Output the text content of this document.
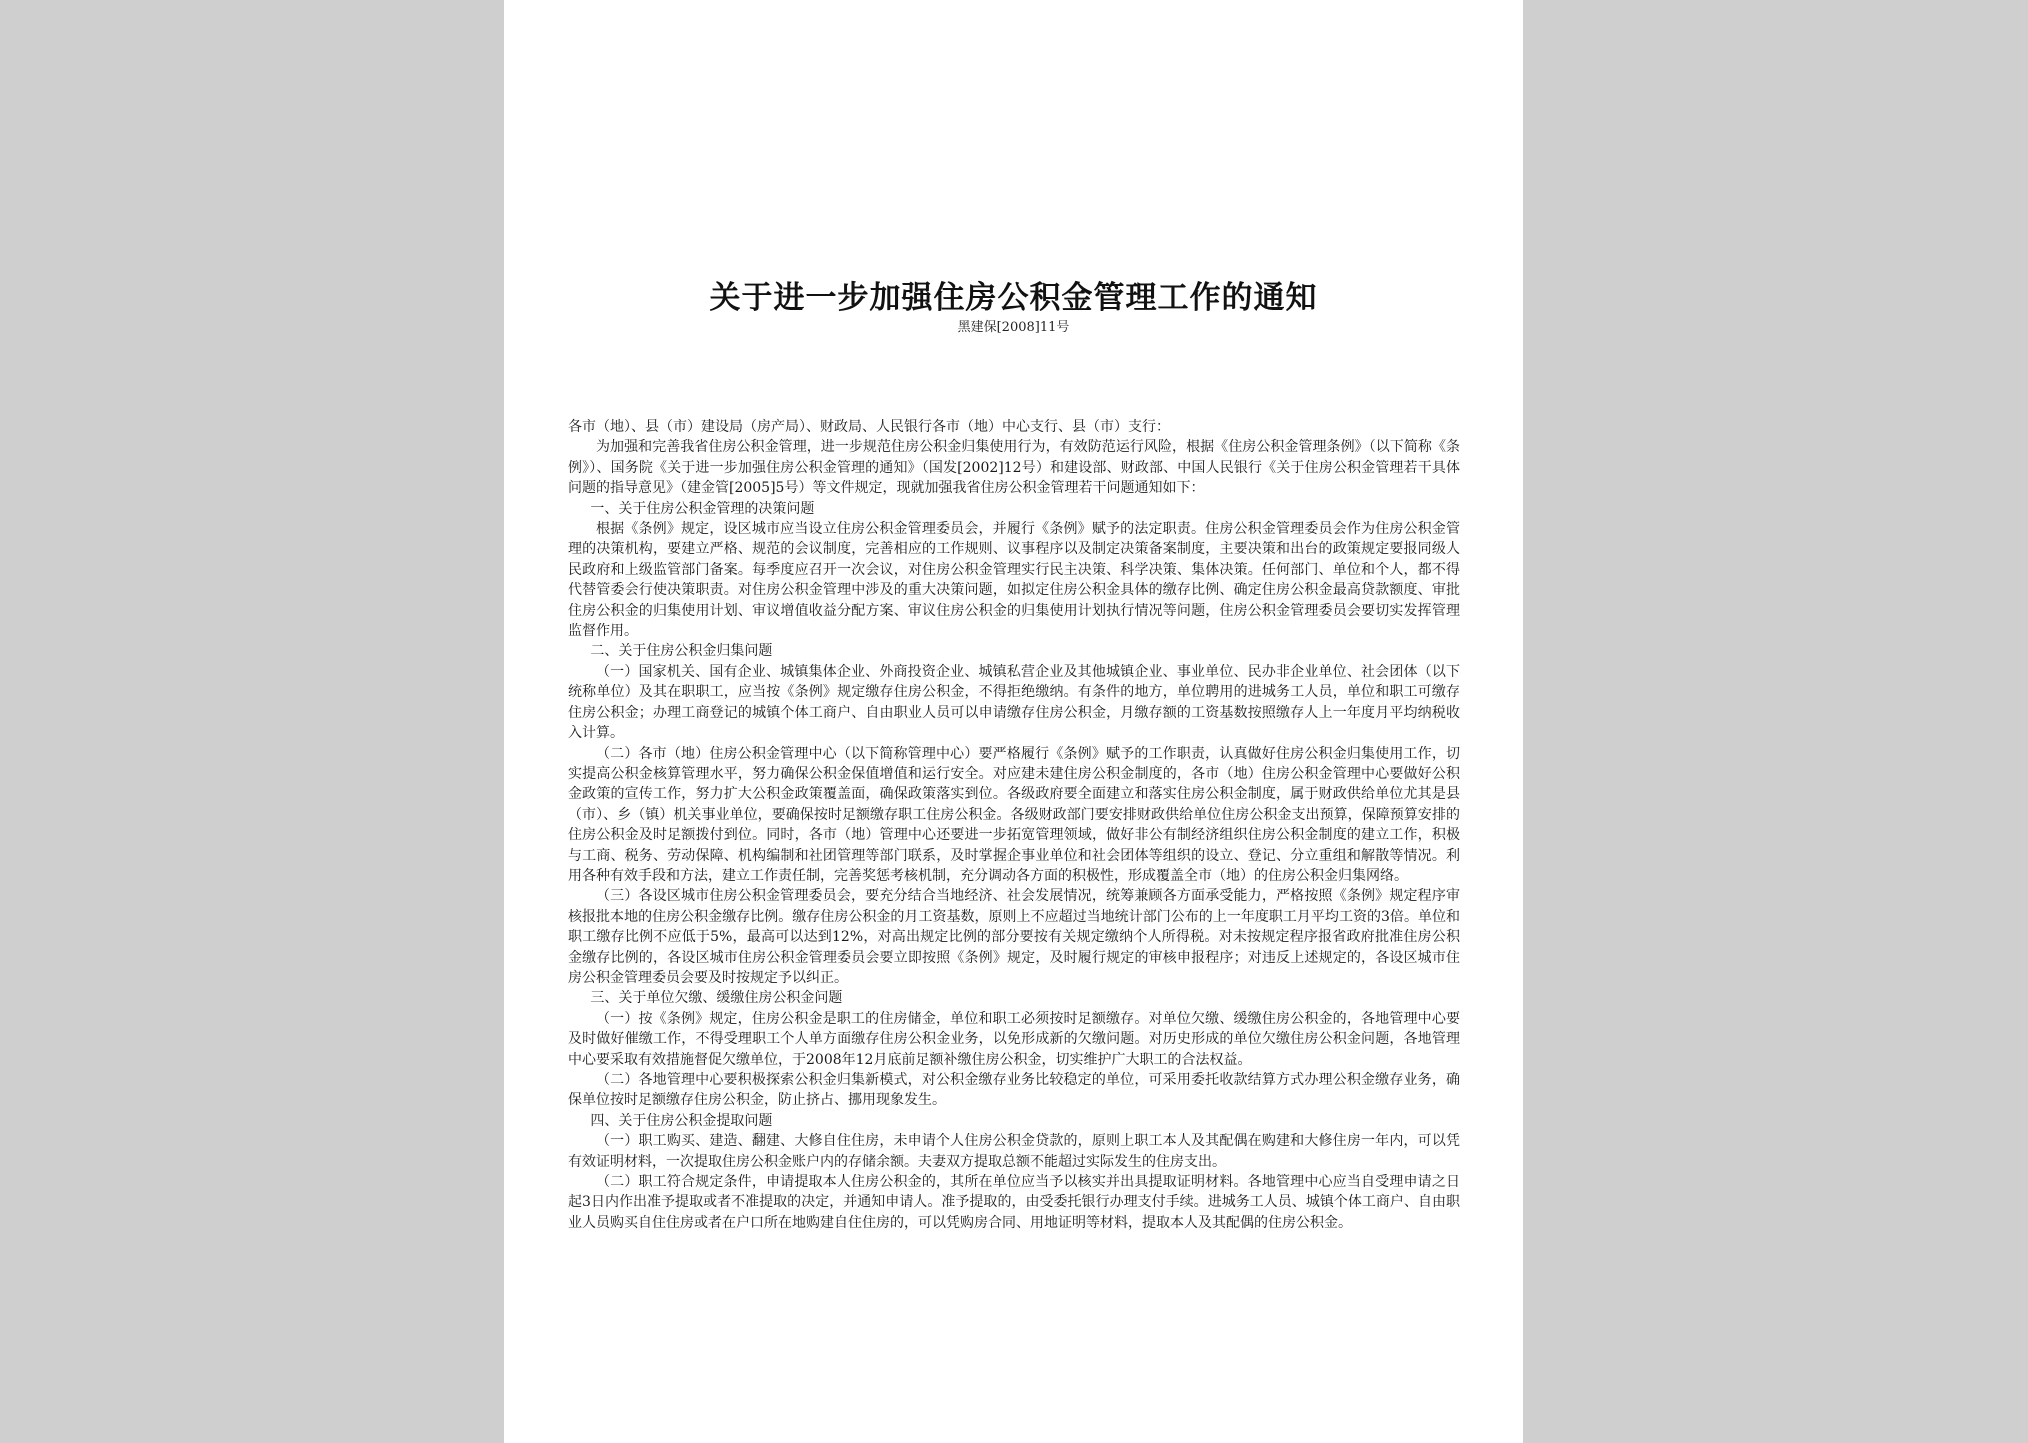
关于进一步加强住房公积金管理工作的通知
黑建保[2008]11号

各市（地）、县（市）建设局（房产局）、财政局、人民银行各市（地）中心支行、县（市）支行：

为加强和完善我省住房公积金管理，进一步规范住房公积金归集使用行为，有效防范运行风险，根据《住房公积金管理条例》（以下简称《条例》）、国务院《关于进一步加强住房公积金管理的通知》（国发[2002]12号）和建设部、财政部、中国人民银行《关于住房公积金管理若干具体问题的指导意见》（建金管[2005]5号）等文件规定，现就加强我省住房公积金管理若干问题通知如下：

一、关于住房公积金管理的决策问题

根据《条例》规定，设区城市应当设立住房公积金管理委员会，并履行《条例》赋予的法定职责。住房公积金管理委员会作为住房公积金管理的决策机构，要建立严格、规范的会议制度，完善相应的工作规则、议事程序以及制定决策备案制度，主要决策和出台的政策规定要报同级人民政府和上级监管部门备案。每季度应召开一次会议，对住房公积金管理实行民主决策、科学决策、集体决策。任何部门、单位和个人，都不得代替管委会行使决策职责。对住房公积金管理中涉及的重大决策问题，如拟定住房公积金具体的缴存比例、确定住房公积金最高贷款额度、审批住房公积金的归集使用计划、审议增值收益分配方案、审议住房公积金的归集使用计划执行情况等问题，住房公积金管理委员会要切实发挥管理监督作用。

二、关于住房公积金归集问题

（一）国家机关、国有企业、城镇集体企业、外商投资企业、城镇私营企业及其他城镇企业、事业单位、民办非企业单位、社会团体（以下统称单位）及其在职职工，应当按《条例》规定缴存住房公积金，不得拒绝缴纳。有条件的地方，单位聘用的进城务工人员，单位和职工可缴存住房公积金；办理工商登记的城镇个体工商户、自由职业人员可以申请缴存住房公积金，月缴存额的工资基数按照缴存人上一年度月平均纳税收入计算。

（二）各市（地）住房公积金管理中心（以下简称管理中心）要严格履行《条例》赋予的工作职责，认真做好住房公积金归集使用工作，切实提高公积金核算管理水平，努力确保公积金保值增值和运行安全。对应建未建住房公积金制度的，各市（地）住房公积金管理中心要做好公积金政策的宣传工作，努力扩大公积金政策覆盖面，确保政策落实到位。各级政府要全面建立和落实住房公积金制度，属于财政供给单位尤其是县（市）、乡（镇）机关事业单位，要确保按时足额缴存职工住房公积金。各级财政部门要安排财政供给单位住房公积金支出预算，保障预算安排的住房公积金及时足额拨付到位。同时，各市（地）管理中心还要进一步拓宽管理领域，做好非公有制经济组织住房公积金制度的建立工作，积极与工商、税务、劳动保障、机构编制和社团管理等部门联系，及时掌握企事业单位和社会团体等组织的设立、登记、分立重组和解散等情况。利用各种有效手段和方法，建立工作责任制，完善奖惩考核机制，充分调动各方面的积极性，形成覆盖全市（地）的住房公积金归集网络。

（三）各设区城市住房公积金管理委员会，要充分结合当地经济、社会发展情况，统筹兼顾各方面承受能力，严格按照《条例》规定程序审核报批本地的住房公积金缴存比例。缴存住房公积金的月工资基数，原则上不应超过当地统计部门公布的上一年度职工月平均工资的3倍。单位和职工缴存比例不应低于5%，最高可以达到12%，对高出规定比例的部分要按有关规定缴纳个人所得税。对未按规定程序报省政府批准住房公积金缴存比例的，各设区城市住房公积金管理委员会要立即按照《条例》规定，及时履行规定的审核申报程序；对违反上述规定的，各设区城市住房公积金管理委员会要及时按规定予以纠正。

三、关于单位欠缴、缓缴住房公积金问题

（一）按《条例》规定，住房公积金是职工的住房储金，单位和职工必须按时足额缴存。对单位欠缴、缓缴住房公积金的，各地管理中心要及时做好催缴工作，不得受理职工个人单方面缴存住房公积金业务，以免形成新的欠缴问题。对历史形成的单位欠缴住房公积金问题，各地管理中心要采取有效措施督促欠缴单位，于2008年12月底前足额补缴住房公积金，切实维护广大职工的合法权益。

（二）各地管理中心要积极探索公积金归集新模式，对公积金缴存业务比较稳定的单位，可采用委托收款结算方式办理公积金缴存业务，确保单位按时足额缴存住房公积金，防止挤占、挪用现象发生。

四、关于住房公积金提取问题

（一）职工购买、建造、翻建、大修自住住房，未申请个人住房公积金贷款的，原则上职工本人及其配偶在购建和大修住房一年内，可以凭有效证明材料，一次提取住房公积金账户内的存储余额。夫妻双方提取总额不能超过实际发生的住房支出。

（二）职工符合规定条件，申请提取本人住房公积金的，其所在单位应当予以核实并出具提取证明材料。各地管理中心应当自受理申请之日起3日内作出准予提取或者不准提取的决定，并通知申请人。准予提取的，由受委托银行办理支付手续。进城务工人员、城镇个体工商户、自由职业人员购买自住住房或者在户口所在地购建自住住房的，可以凭购房合同、用地证明等材料，提取本人及其配偶的住房公积金。
